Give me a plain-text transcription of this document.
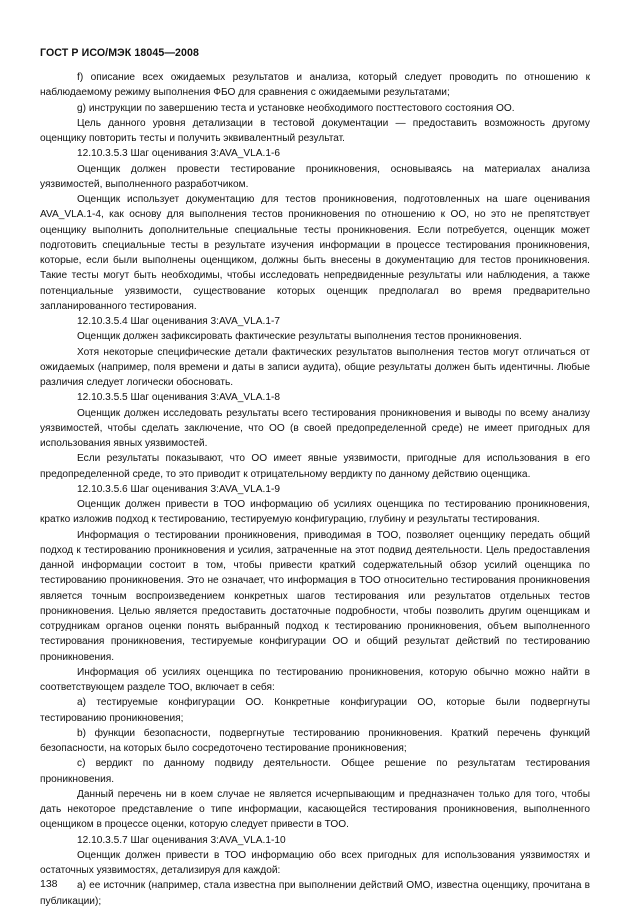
ГОСТ Р ИСО/МЭК 18045—2008

f) описание всех ожидаемых результатов и анализа, который следует проводить по отношению к наблюдаемому режиму выполнения ФБО для сравнения с ожидаемыми результатами;

g) инструкции по завершению теста и установке необходимого посттестового состояния ОО.

Цель данного уровня детализации в тестовой документации — предоставить возможность другому оценщику повторить тесты и получить эквивалентный результат.

12.10.3.5.3 Шаг оценивания 3:AVA_VLA.1-6

Оценщик должен провести тестирование проникновения, основываясь на материалах анализа уязвимостей, выполненного разработчиком.

Оценщик использует документацию для тестов проникновения, подготовленных на шаге оценивания AVA_VLA.1-4, как основу для выполнения тестов проникновения по отношению к ОО, но это не препятствует оценщику выполнить дополнительные специальные тесты проникновения. Если потребуется, оценщик может подготовить специальные тесты в результате изучения информации в процессе тестирования проникновения, которые, если были выполнены оценщиком, должны быть внесены в документацию для тестов проникновения. Такие тесты могут быть необходимы, чтобы исследовать непредвиденные результаты или наблюдения, а также потенциальные уязвимости, существование которых оценщик предполагал во время предварительно запланированного тестирования.

12.10.3.5.4 Шаг оценивания 3:AVA_VLA.1-7

Оценщик должен зафиксировать фактические результаты выполнения тестов проникновения.

Хотя некоторые специфические детали фактических результатов выполнения тестов могут отличаться от ожидаемых (например, поля времени и даты в записи аудита), общие результаты должен быть идентичны. Любые различия следует логически обосновать.

12.10.3.5.5 Шаг оценивания 3:AVA_VLA.1-8

Оценщик должен исследовать результаты всего тестирования проникновения и выводы по всему анализу уязвимостей, чтобы сделать заключение, что ОО (в своей предопределенной среде) не имеет пригодных для использования явных уязвимостей.

Если результаты показывают, что ОО имеет явные уязвимости, пригодные для использования в его предопределенной среде, то это приводит к отрицательному вердикту по данному действию оценщика.

12.10.3.5.6 Шаг оценивания 3:AVA_VLA.1-9

Оценщик должен привести в ТОО информацию об усилиях оценщика по тестированию проникновения, кратко изложив подход к тестированию, тестируемую конфигурацию, глубину и результаты тестирования.

Информация о тестировании проникновения, приводимая в ТОО, позволяет оценщику передать общий подход к тестированию проникновения и усилия, затраченные на этот подвид деятельности. Цель предоставления данной информации состоит в том, чтобы привести краткий содержательный обзор усилий оценщика по тестированию проникновения. Это не означает, что информация в ТОО относительно тестирования проникновения является точным воспроизведением конкретных шагов тестирования или результатов отдельных тестов проникновения. Целью является предоставить достаточные подробности, чтобы позволить другим оценщикам и сотрудникам органов оценки понять выбранный подход к тестированию проникновения, объем выполненного тестирования проникновения, тестируемые конфигурации ОО и общий результат действий по тестированию проникновения.

Информация об усилиях оценщика по тестированию проникновения, которую обычно можно найти в соответствующем разделе ТОО, включает в себя:

a) тестируемые конфигурации ОО. Конкретные конфигурации ОО, которые были подвергнуты тестированию проникновения;

b) функции безопасности, подвергнутые тестированию проникновения. Краткий перечень функций безопасности, на которых было сосредоточено тестирование проникновения;

c) вердикт по данному подвиду деятельности. Общее решение по результатам тестирования проникновения.

Данный перечень ни в коем случае не является исчерпывающим и предназначен только для того, чтобы дать некоторое представление о типе информации, касающейся тестирования проникновения, выполненного оценщиком в процессе оценки, которую следует привести в ТОО.

12.10.3.5.7 Шаг оценивания 3:AVA_VLA.1-10

Оценщик должен привести в ТОО информацию обо всех пригодных для использования уязвимостях и остаточных уязвимостях, детализируя для каждой:

а) ее источник (например, стала известна при выполнении действий ОМО, известна оценщику, прочитана в публикации);

138
